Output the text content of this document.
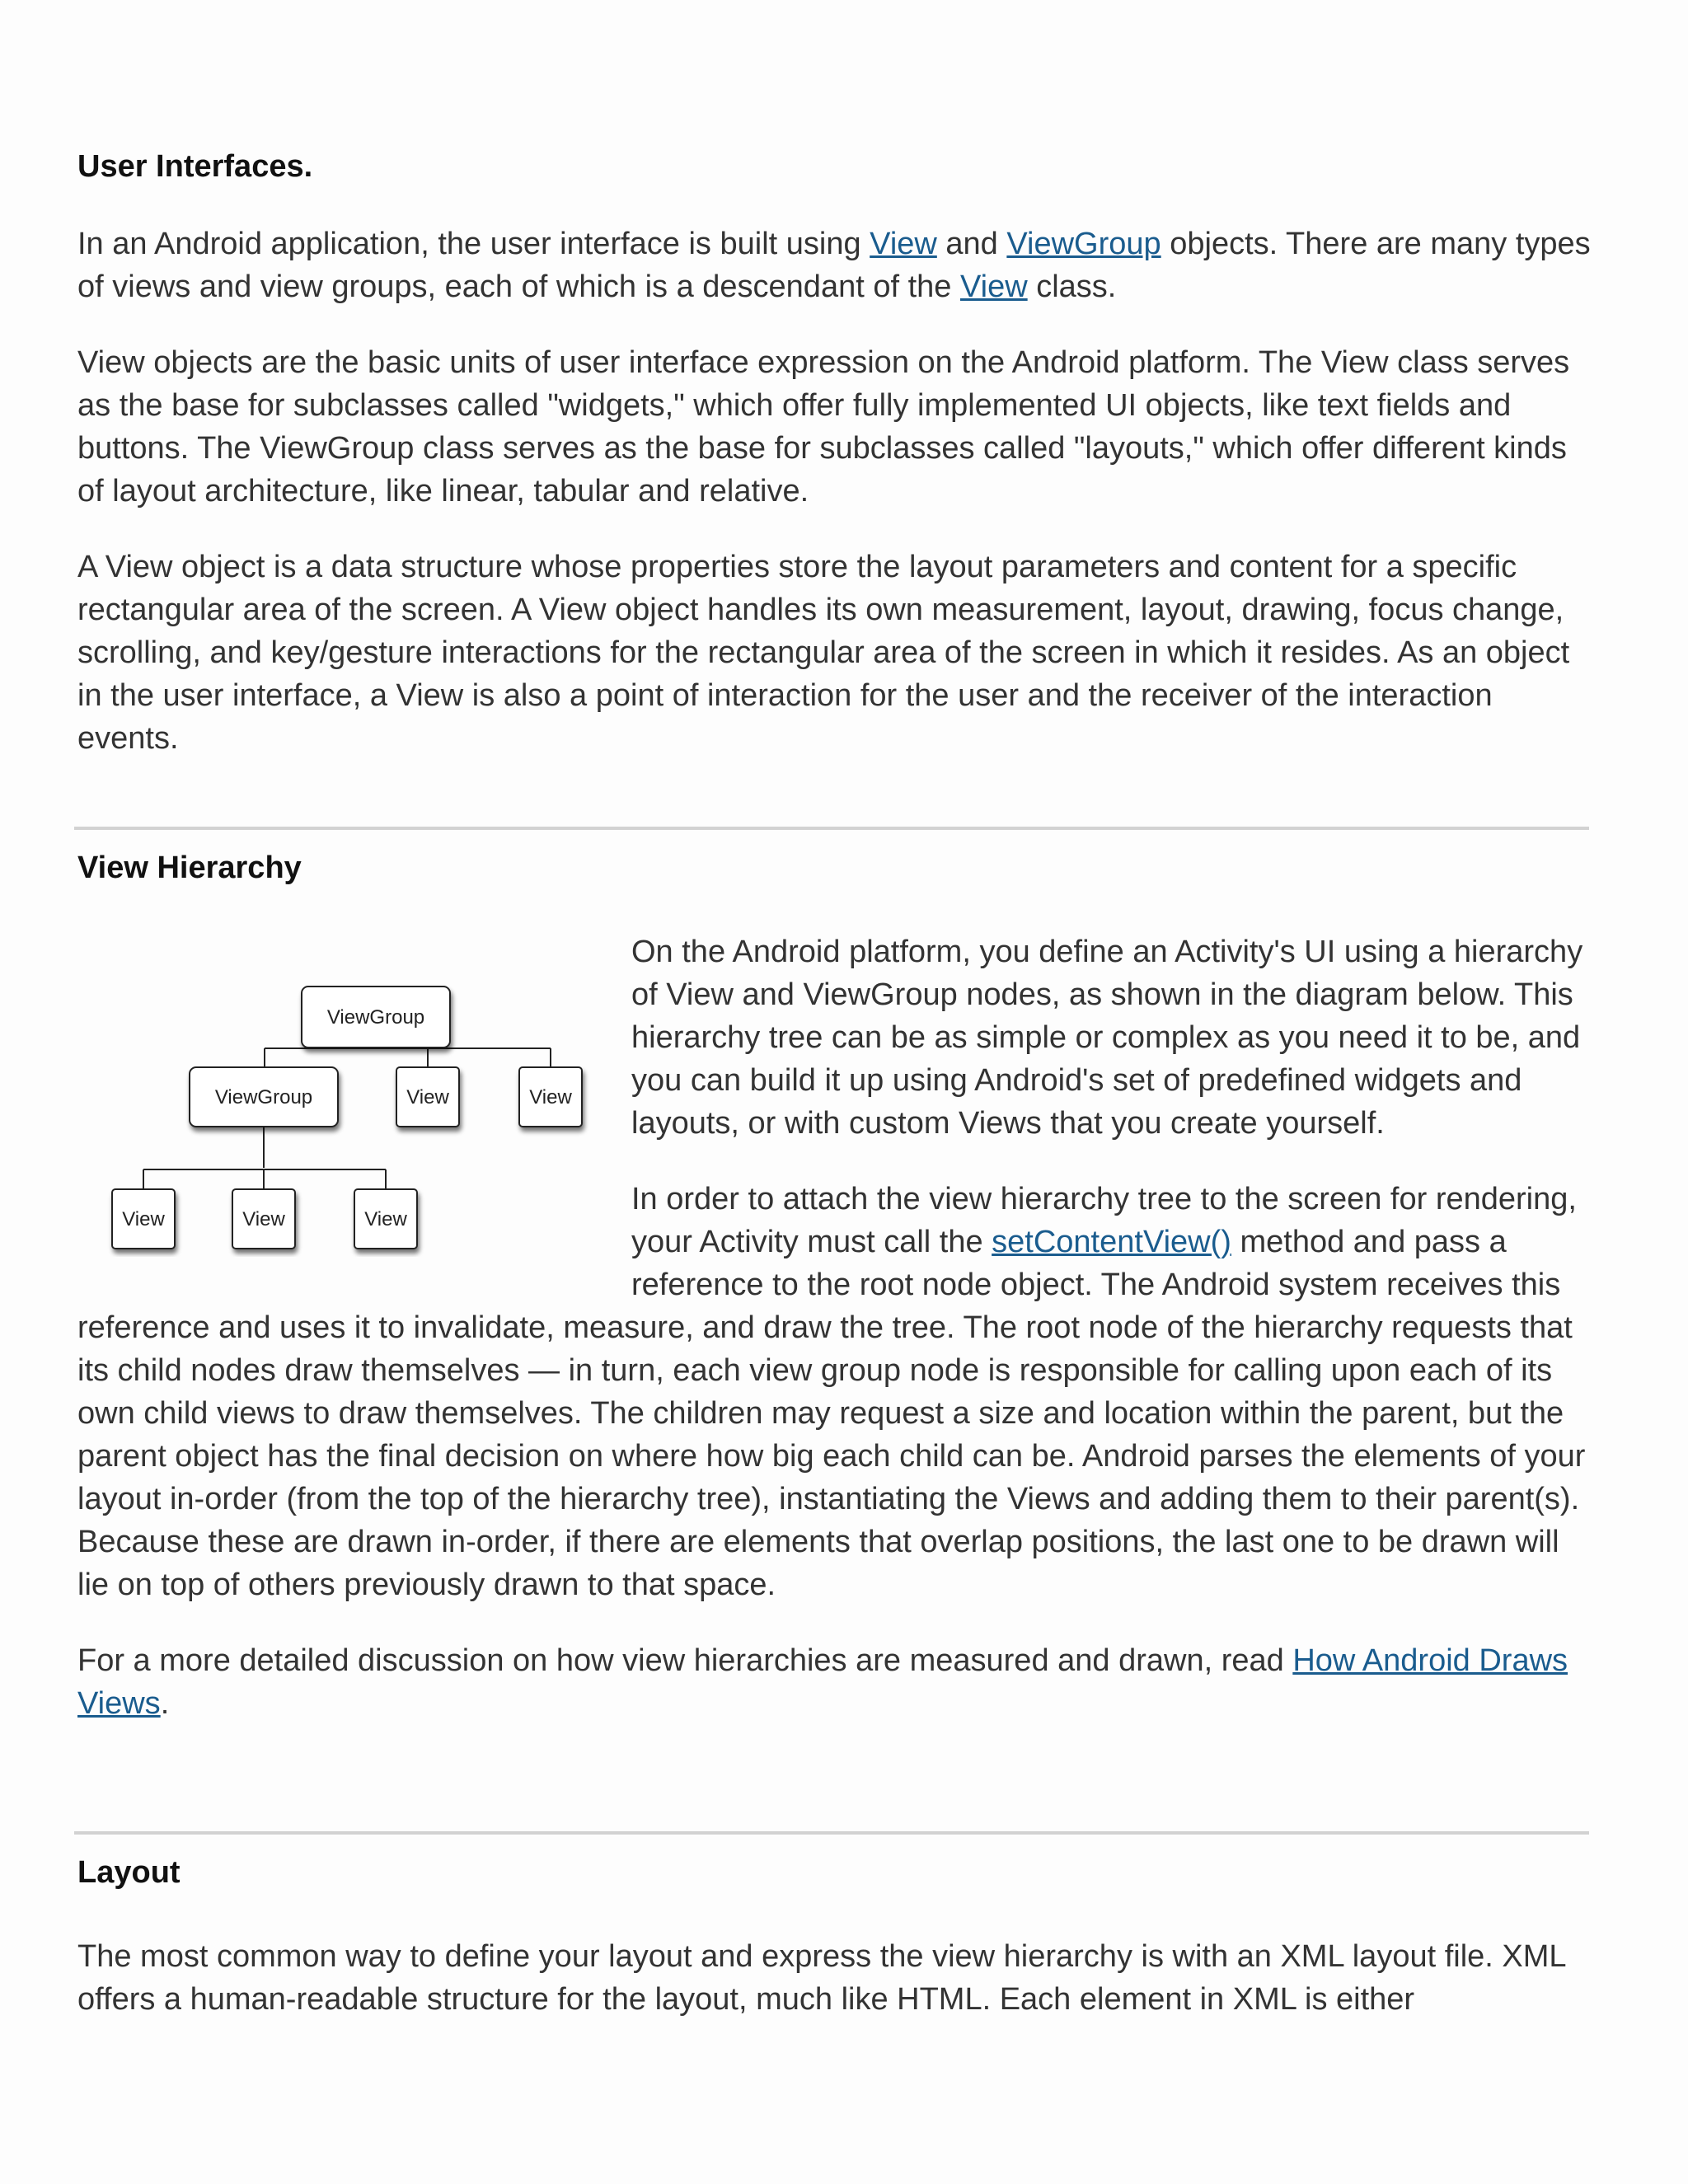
User Interfaces.

In an Android application, the user interface is built using View and ViewGroup objects. There are many types of views and view groups, each of which is a descendant of the View class.

View objects are the basic units of user interface expression on the Android platform. The View class serves as the base for subclasses called "widgets," which offer fully implemented UI objects, like text fields and buttons. The ViewGroup class serves as the base for subclasses called "layouts," which offer different kinds of layout architecture, like linear, tabular and relative.

A View object is a data structure whose properties store the layout parameters and content for a specific rectangular area of the screen. A View object handles its own measurement, layout, drawing, focus change, scrolling, and key/gesture interactions for the rectangular area of the screen in which it resides. As an object in the user interface, a View is also a point of interaction for the user and the receiver of the interaction events.

View Hierarchy
ViewGroup
ViewGroup	View	View
View	View	View

On the Android platform, you define an Activity's UI using a hierarchy of View and ViewGroup nodes, as shown in the diagram below. This hierarchy tree can be as simple or complex as you need it to be, and you can build it up using Android's set of predefined widgets and layouts, or with custom Views that you create yourself.

In order to attach the view hierarchy tree to the screen for rendering, your Activity must call the setContentView() method and pass a reference to the root node object. The Android system receives this reference and uses it to invalidate, measure, and draw the tree. The root node of the hierarchy requests that its child nodes draw themselves — in turn, each view group node is responsible for calling upon each of its own child views to draw themselves. The children may request a size and location within the parent, but the parent object has the final decision on where how big each child can be. Android parses the elements of your layout in-order (from the top of the hierarchy tree), instantiating the Views and adding them to their parent(s). Because these are drawn in-order, if there are elements that overlap positions, the last one to be drawn will lie on top of others previously drawn to that space.

For a more detailed discussion on how view hierarchies are measured and drawn, read How Android Draws Views.

Layout

The most common way to define your layout and express the view hierarchy is with an XML layout file. XML offers a human-readable structure for the layout, much like HTML. Each element in XML is either
